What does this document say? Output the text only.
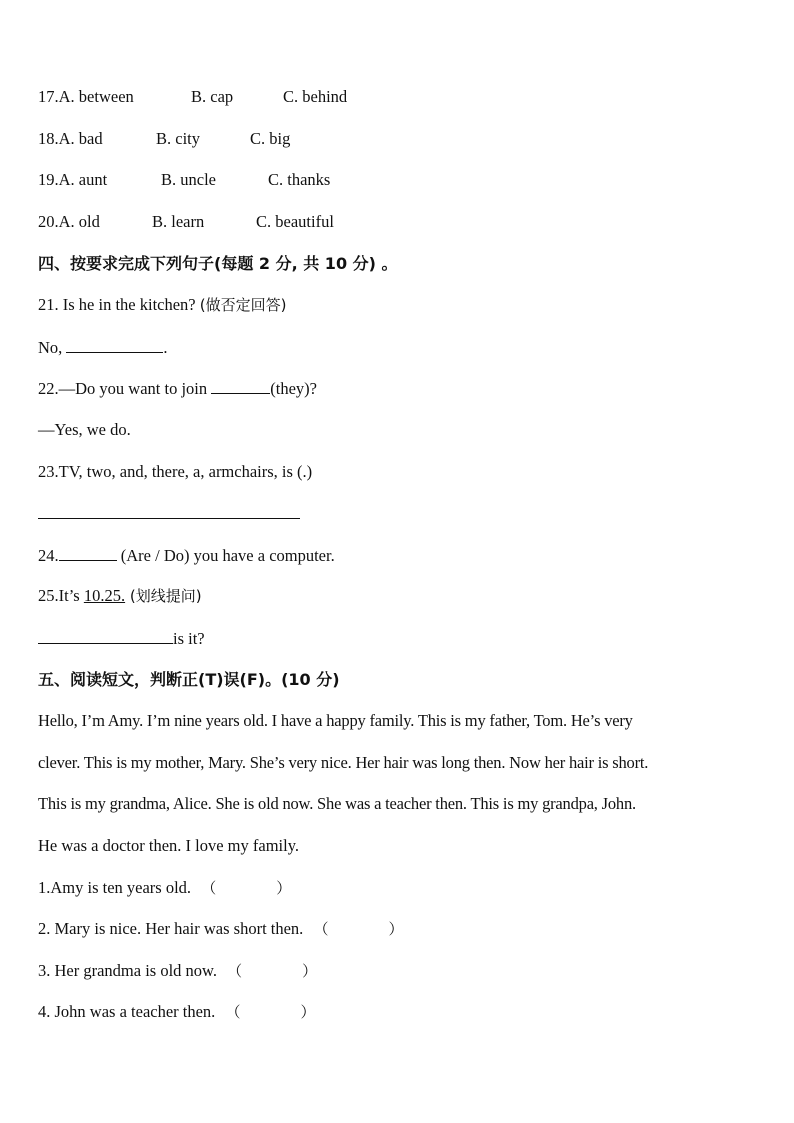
17.A. between	B. cap	C. behind
18.A. bad	B. city	C. big
19.A. aunt	B. uncle	C. thanks
20.A. old	B. learn	C. beautiful
四、按要求完成下列句子(每题 2 分, 共 10 分) 。
21. Is he in the kitchen? (做否定回答)
No,	.
22.—Do you want to join	(they)?
—Yes, we do.
23.TV, two, and, there, a, armchairs, is (.)
24.	(Are / Do) you have a computer.
25.It’s 10.25. (划线提问)
is it?
五、阅读短文，判断正(T)误(F)。(10 分)
Hello, I’m Amy. I’m nine years old. I have a happy family. This is my father, Tom. He’s very
clever. This is my mother, Mary. She’s very nice. Her hair was long then. Now her hair is short.
This is my grandma, Alice. She is old now. She was a teacher then. This is my grandpa, John.
He was a doctor then. I love my family.
1.Amy is ten years old. （　　　　）
2. Mary is nice. Her hair was short then. （　　　　）
3. Her grandma is old now. （　　　　）
4. John was a teacher then. （　　　　）
